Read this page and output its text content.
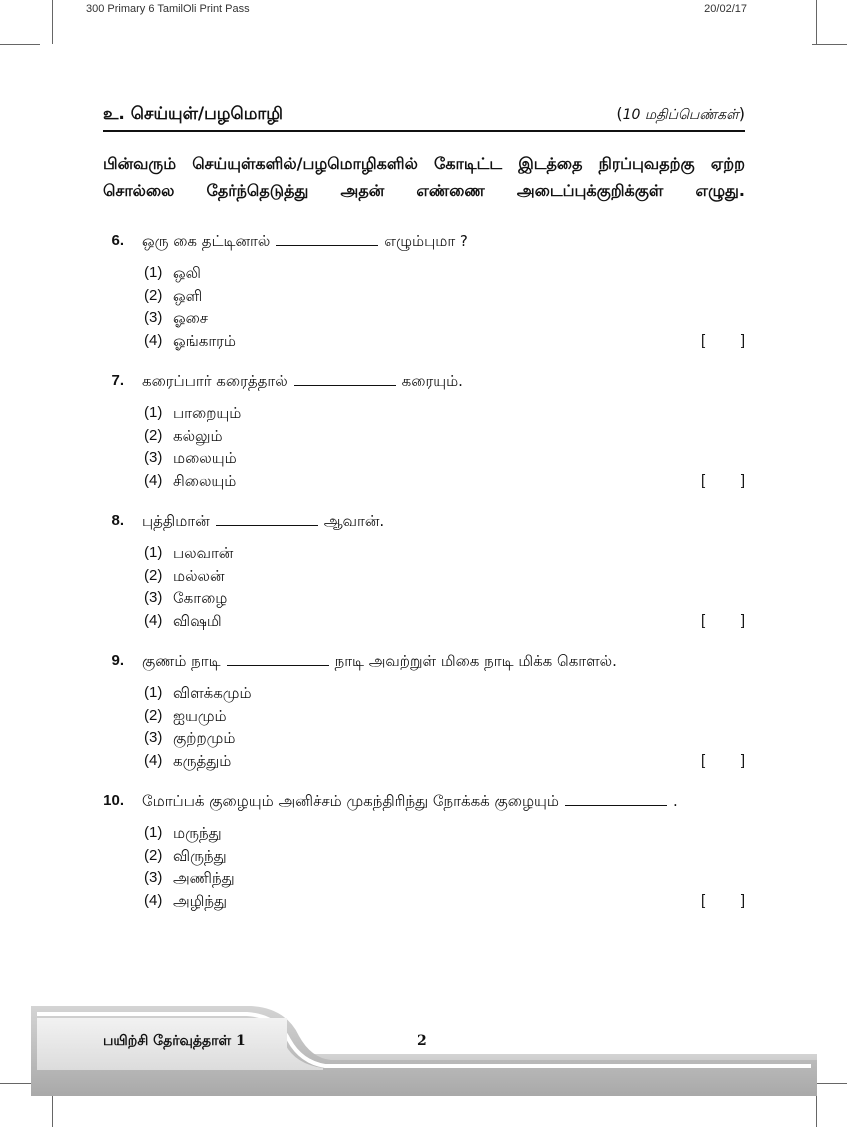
300 Primary 6 TamilOli Print Pass	20/02/17
உ. செய்யுள்/பழமொழி	(10 மதிப்பெண்கள்)
பின்வரும் செய்யுள்களில்/பழமொழிகளில் கோடிட்ட இடத்தை நிரப்புவதற்கு ஏற்ற சொல்லை தேர்ந்தெடுத்து அதன் எண்ணை அடைப்புக்குறிக்குள் எழுது.
6. ஒரு கை தட்டினால்	எழும்புமா ?
(1) ஒலி
(2) ஒளி
(3) ஓசை
(4) ஓங்காரம்	[ ]
7. கரைப்பார் கரைத்தால்	கரையும்.
(1) பாறையும்
(2) கல்லும்
(3) மலையும்
(4) சிலையும்	[ ]
8. புத்திமான்	ஆவான்.
(1) பலவான்
(2) மல்லன்
(3) கோழை
(4) விஷமி	[ ]
9. குணம் நாடி	நாடி அவற்றுள் மிகை நாடி மிக்க கொளல்.
(1) விளக்கமும்
(2) ஐயமும்
(3) குற்றமும்
(4) கருத்தும்	[ ]
10. மோப்பக் குழையும் அனிச்சம் முகந்திரிந்து நோக்கக் குழையும்	.
(1) மருந்து
(2) விருந்து
(3) அணிந்து
(4) அழிந்து	[ ]
பயிற்சி தேர்வுத்தாள் 1	2
